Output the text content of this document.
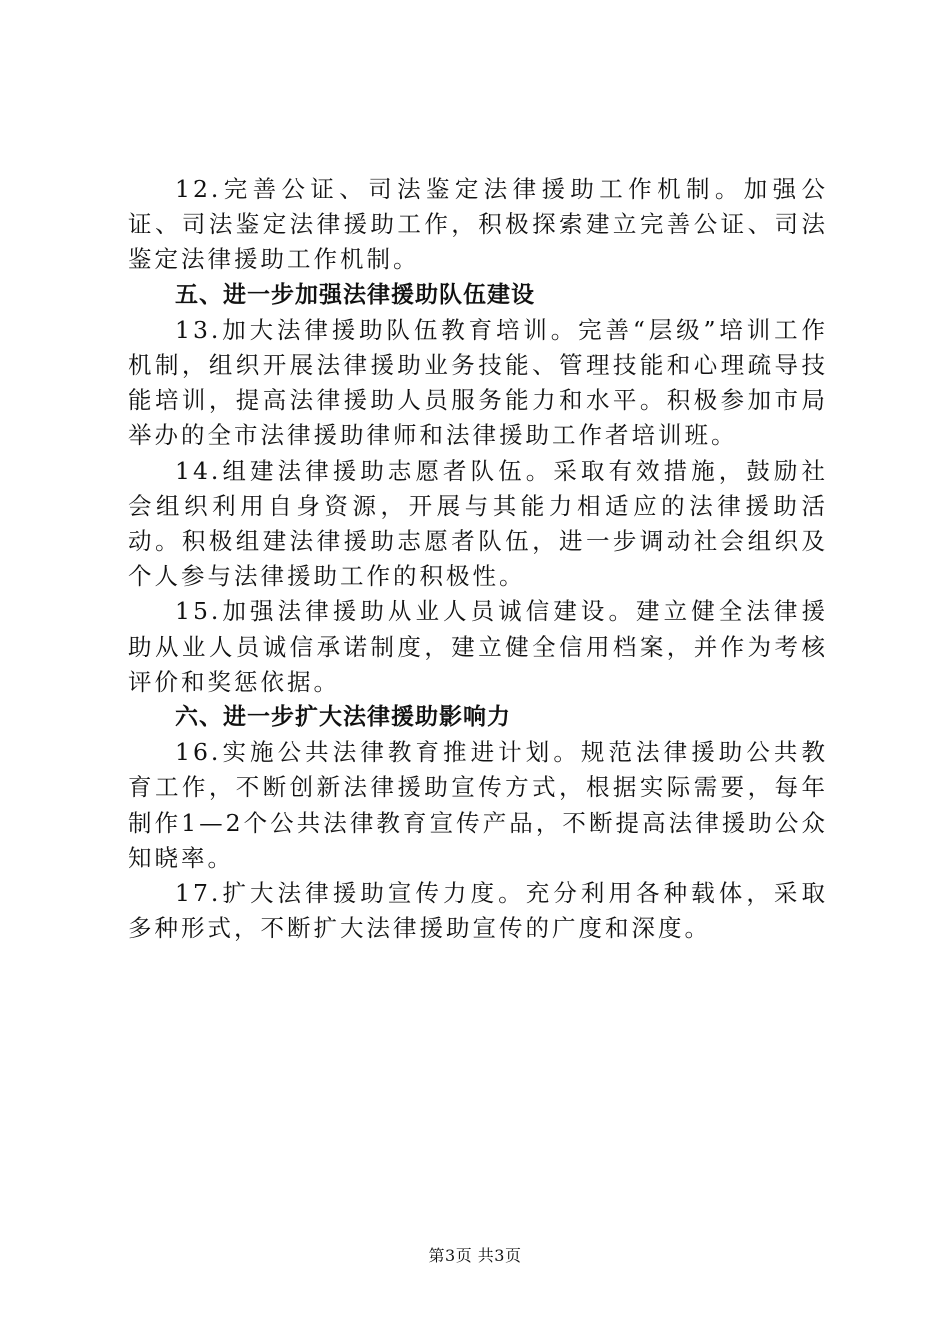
12.完善公证、司法鉴定法律援助工作机制。加强公证、司法鉴定法律援助工作，积极探索建立完善公证、司法鉴定法律援助工作机制。

五、进一步加强法律援助队伍建设

13.加大法律援助队伍教育培训。完善“层级”培训工作机制，组织开展法律援助业务技能、管理技能和心理疏导技能培训，提高法律援助人员服务能力和水平。积极参加市局举办的全市法律援助律师和法律援助工作者培训班。

14.组建法律援助志愿者队伍。采取有效措施，鼓励社会组织利用自身资源，开展与其能力相适应的法律援助活动。积极组建法律援助志愿者队伍，进一步调动社会组织及个人参与法律援助工作的积极性。

15.加强法律援助从业人员诚信建设。建立健全法律援助从业人员诚信承诺制度，建立健全信用档案，并作为考核评价和奖惩依据。

六、进一步扩大法律援助影响力

16.实施公共法律教育推进计划。规范法律援助公共教育工作，不断创新法律援助宣传方式，根据实际需要，每年制作1—2个公共法律教育宣传产品，不断提高法律援助公众知晓率。

17.扩大法律援助宣传力度。充分利用各种载体，采取多种形式，不断扩大法律援助宣传的广度和深度。

第3页 共3页
